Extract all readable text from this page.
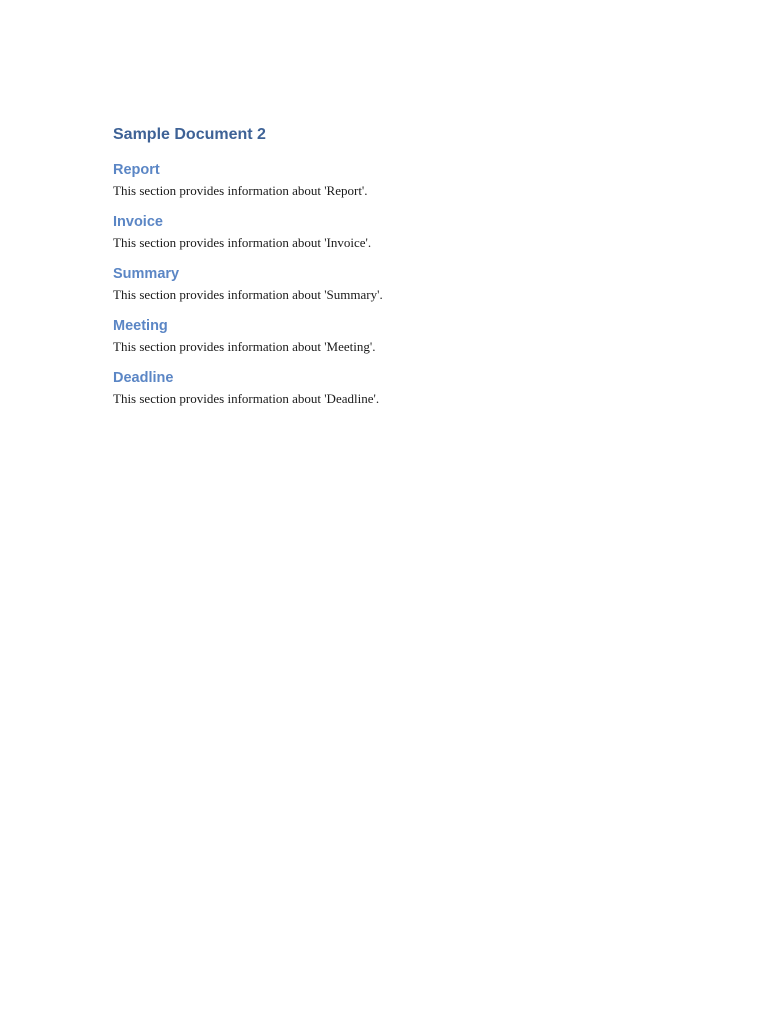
Sample Document 2
Report

This section provides information about 'Report'.

Invoice

This section provides information about 'Invoice'.

Summary

This section provides information about 'Summary'.

Meeting

This section provides information about 'Meeting'.

Deadline

This section provides information about 'Deadline'.
